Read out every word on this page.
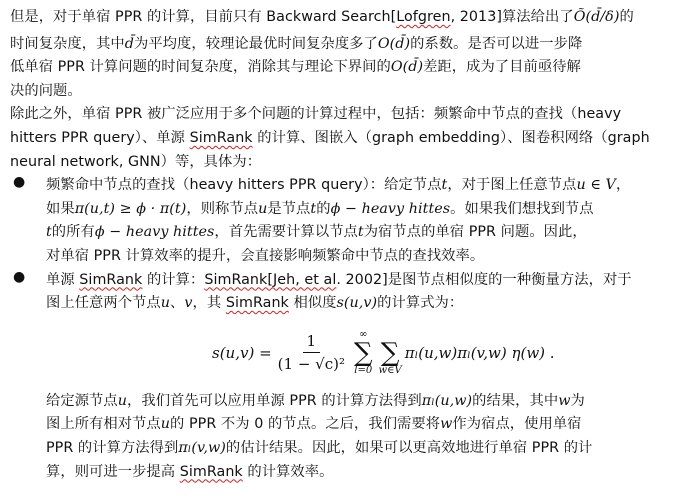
但是，对于单宿 PPR 的计算，目前只有 Backward Search[Lofgren, 2013]算法给出了Õ(d̄/δ)的
时间复杂度，其中d̄为平均度，较理论最优时间复杂度多了O(d̄)的系数。是否可以进一步降
低单宿 PPR 计算问题的时间复杂度，消除其与理论下界间的O(d̄)差距，成为了目前亟待解
决的问题。
除此之外，单宿 PPR 被广泛应用于多个问题的计算过程中，包括：频繁命中节点的查找（heavy
hitters PPR query）、单源 SimRank 的计算、图嵌入（graph embedding）、图卷积网络（graph
neural network, GNN）等，具体为：
● 频繁命中节点的查找（heavy hitters PPR query）：给定节点t，对于图上任意节点u ∈ V，
如果π(u,t) ≥ ϕ · π(t)，则称节点u是节点t的ϕ − heavy hittes。如果我们想找到节点
t的所有ϕ − heavy hittes，首先需要计算以节点t为宿节点的单宿 PPR 问题。因此，
对单宿 PPR 计算效率的提升，会直接影响频繁命中节点的查找效率。
● 单源 SimRank 的计算：SimRank[Jeh, et al. 2002]是图节点相似度的一种衡量方法，对于
图上任意两个节点u、v，其 SimRank 相似度s(u,v)的计算式为：
$s(u,v) = \frac{1}{\text{(1 − √c)²}}$ ∞
∑
l=0

∑
w∈V
πₗ(u,w)πₗ(v,w) η(w) .
给定源节点u，我们首先可以应用单源 PPR 的计算方法得到πₗ(u,w)的结果，其中w为
图上所有相对节点u的 PPR 不为 0 的节点。之后，我们需要将w作为宿点，使用单宿
PPR 的计算方法得到πₗ(v,w)的估计结果。因此，如果可以更高效地进行单宿 PPR 的计
算，则可进一步提高 SimRank 的计算效率。
